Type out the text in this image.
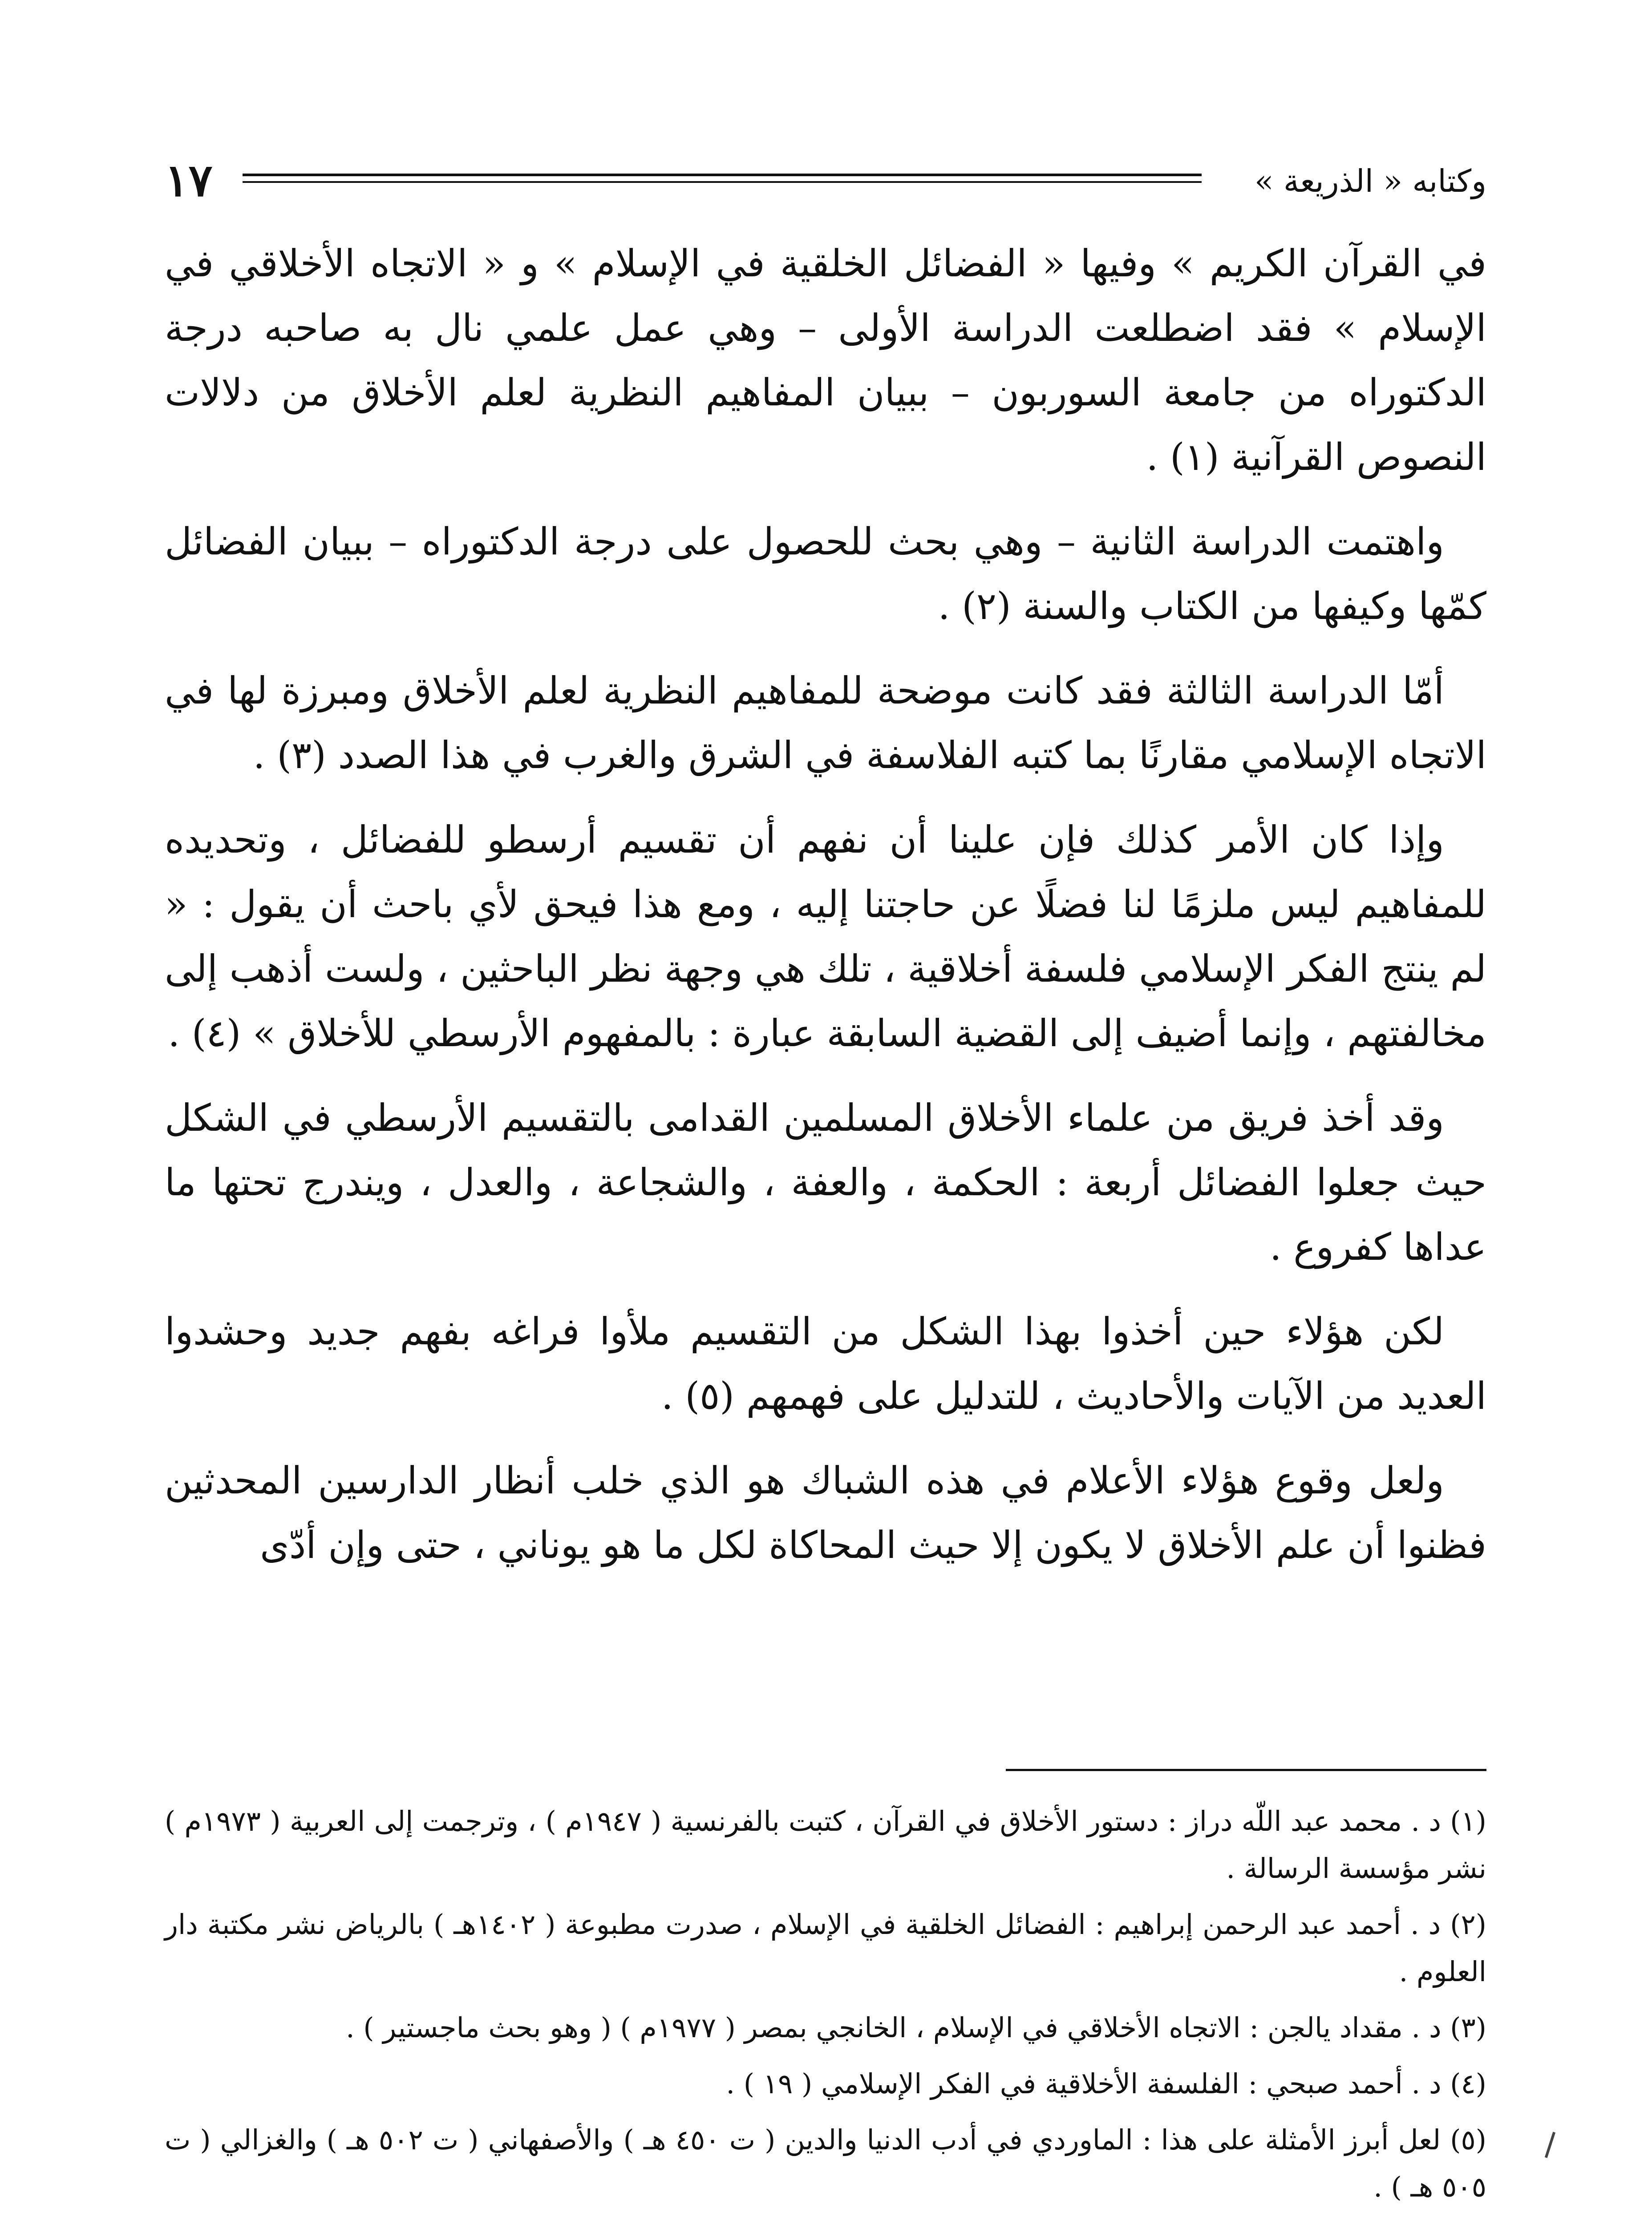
١٧	وكتابه « الذريعة »

في القرآن الكريم » وفيها « الفضائل الخلقية في الإسلام » و « الاتجاه الأخلاقي في الإسلام » فقد اضطلعت الدراسة الأولى – وهي عمل علمي نال به صاحبه درجة الدكتوراه من جامعة السوربون – ببيان المفاهيم النظرية لعلم الأخلاق من دلالات النصوص القرآنية (١) .

واهتمت الدراسة الثانية – وهي بحث للحصول على درجة الدكتوراه – ببيان الفضائل كمّها وكيفها من الكتاب والسنة (٢) .

أمّا الدراسة الثالثة فقد كانت موضحة للمفاهيم النظرية لعلم الأخلاق ومبرزة لها في الاتجاه الإسلامي مقارنًا بما كتبه الفلاسفة في الشرق والغرب في هذا الصدد (٣) .

وإذا كان الأمر كذلك فإن علينا أن نفهم أن تقسيم أرسطو للفضائل ، وتحديده للمفاهيم ليس ملزمًا لنا فضلًا عن حاجتنا إليه ، ومع هذا فيحق لأي باحث أن يقول : « لم ينتج الفكر الإسلامي فلسفة أخلاقية ، تلك هي وجهة نظر الباحثين ، ولست أذهب إلى مخالفتهم ، وإنما أضيف إلى القضية السابقة عبارة : بالمفهوم الأرسطي للأخلاق » (٤) .

وقد أخذ فريق من علماء الأخلاق المسلمين القدامى بالتقسيم الأرسطي في الشكل حيث جعلوا الفضائل أربعة : الحكمة ، والعفة ، والشجاعة ، والعدل ، ويندرج تحتها ما عداها كفروع .

لكن هؤلاء حين أخذوا بهذا الشكل من التقسيم ملأوا فراغه بفهم جديد وحشدوا العديد من الآيات والأحاديث ، للتدليل على فهمهم (٥) .

ولعل وقوع هؤلاء الأعلام في هذه الشباك هو الذي خلب أنظار الدارسين المحدثين فظنوا أن علم الأخلاق لا يكون إلا حيث المحاكاة لكل ما هو يوناني ، حتى وإن أدّى

(١) د . محمد عبد اللّه دراز : دستور الأخلاق في القرآن ، كتبت بالفرنسية ( ١٩٤٧م ) ، وترجمت إلى العربية ( ١٩٧٣م ) نشر مؤسسة الرسالة .
(٢) د . أحمد عبد الرحمن إبراهيم : الفضائل الخلقية في الإسلام ، صدرت مطبوعة ( ١٤٠٢هـ ) بالرياض نشر مكتبة دار العلوم .
(٣) د . مقداد يالجن : الاتجاه الأخلاقي في الإسلام ، الخانجي بمصر ( ١٩٧٧م ) ( وهو بحث ماجستير ) .
(٤) د . أحمد صبحي : الفلسفة الأخلاقية في الفكر الإسلامي ( ١٩ ) .
(٥) لعل أبرز الأمثلة على هذا : الماوردي في أدب الدنيا والدين ( ت ٤٥٠ هـ ) والأصفهاني ( ت ٥٠٢ هـ ) والغزالي ( ت ٥٠٥ هـ ) .
